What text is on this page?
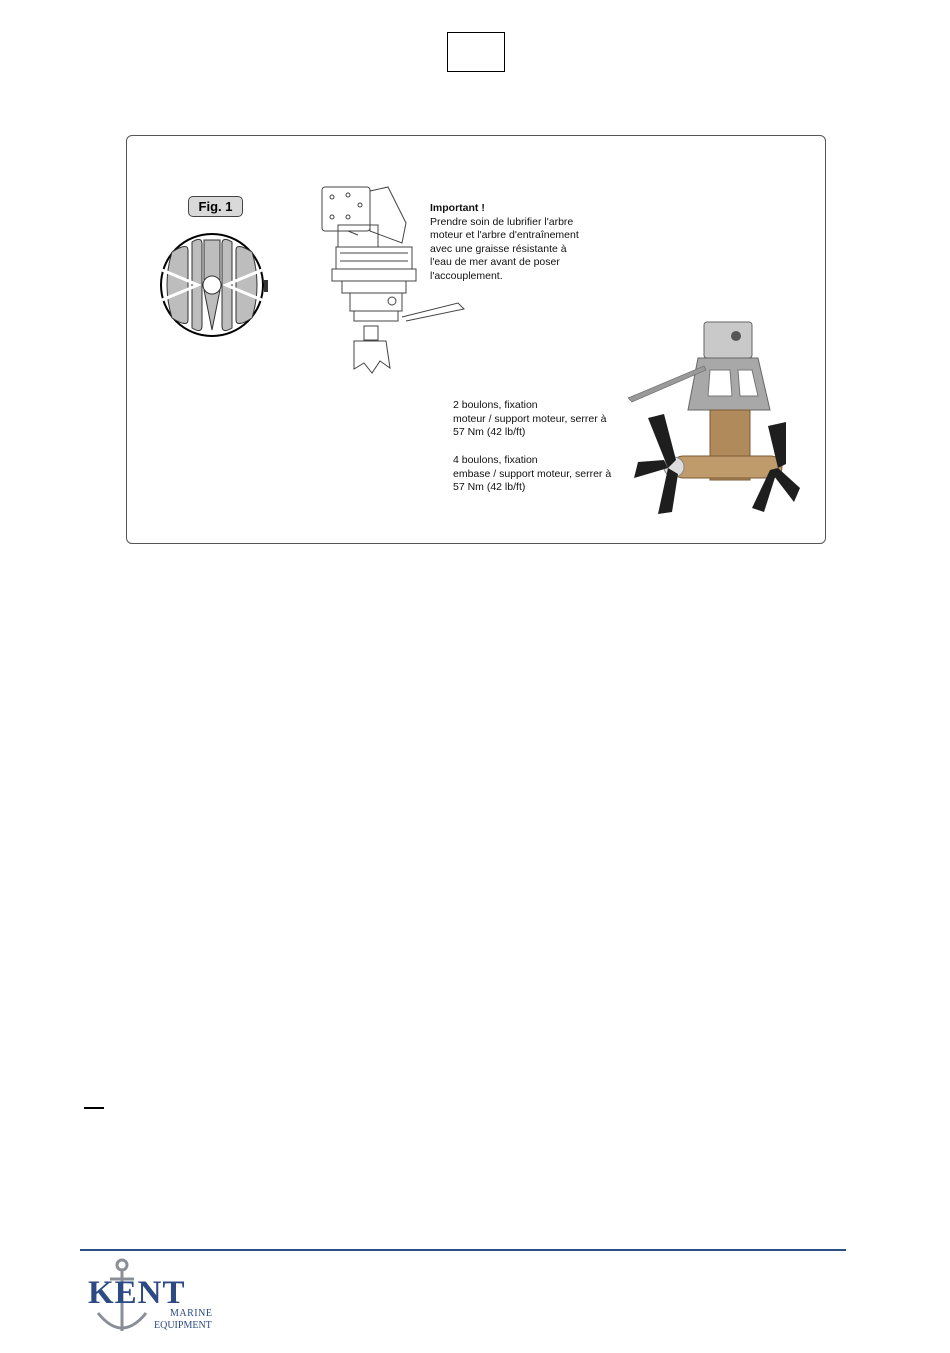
Fig. 1	Important !
Prendre soin de lubrifier l'arbre
moteur et l'arbre d'entraînement
avec une graisse résistante à
l'eau de mer avant de poser
l'accouplement.
2 boulons, fixation
moteur / support moteur, serrer à
57 Nm (42 lb/ft)
4 boulons, fixation
embase / support moteur, serrer à
57 Nm (42 lb/ft)
KENT
MARINE
EQUIPMENT
